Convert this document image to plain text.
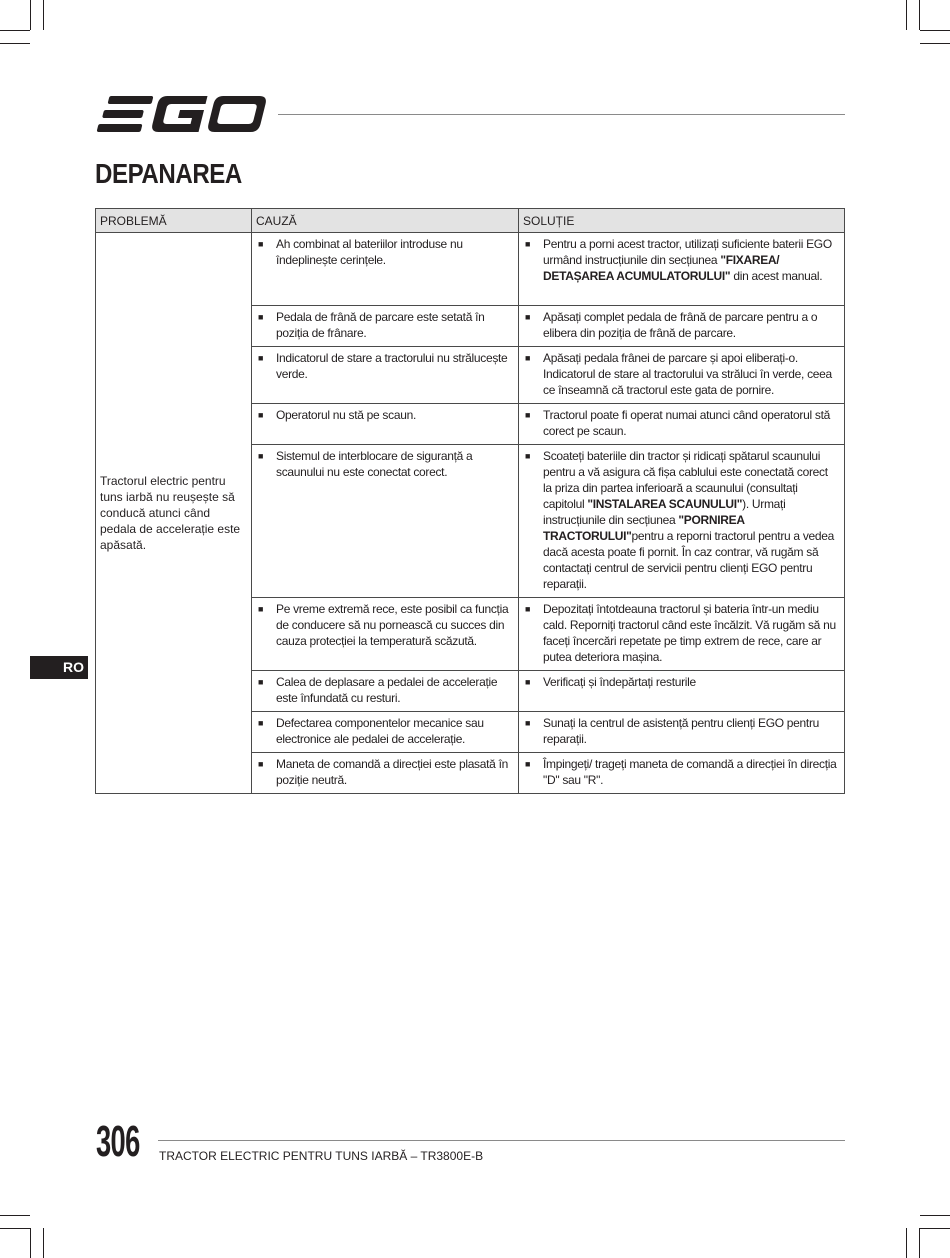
DEPANAREA
RO
PROBLEMĂ	CAUZĂ	SOLUȚIE
Tractorul electric pentru tuns iarbă nu reușește să conducă atunci când pedala de accelerație este apăsată.	■ Ah combinat al bateriilor introduse nu îndeplinește cerințele.	■ Pentru a porni acest tractor, utilizați suficiente baterii EGO urmând instrucțiunile din secțiunea "FIXAREA/ DETAȘAREA ACUMULATORULUI" din acest manual.

	■ Pedala de frână de parcare este setată în poziția de frânare.	■ Apăsați complet pedala de frână de parcare pentru a o elibera din poziția de frână de parcare.

	■ Indicatorul de stare a tractorului nu strălucește verde.	■ Apăsați pedala frânei de parcare și apoi eliberați-o. Indicatorul de stare al tractorului va străluci în verde, ceea ce înseamnă că tractorul este gata de pornire.

	■ Operatorul nu stă pe scaun.	■ Tractorul poate fi operat numai atunci când operatorul stă corect pe scaun.

	■ Sistemul de interblocare de siguranță a scaunului nu este conectat corect.	■ Scoateți bateriile din tractor și ridicați spătarul scaunului pentru a vă asigura că fișa cablului este conectată corect la priza din partea inferioară a scaunului (consultați capitolul "INSTALAREA SCAUNULUI"). Urmați instrucțiunile din secțiunea "PORNIREA TRACTORULUI"pentru a reporni tractorul pentru a vedea dacă acesta poate fi pornit. În caz contrar, vă rugăm să contactați centrul de servicii pentru clienți EGO pentru reparații.

	■ Pe vreme extremă rece, este posibil ca funcția de conducere să nu pornească cu succes din cauza protecției la temperatură scăzută.	■ Depozitați întotdeauna tractorul și bateria într-un mediu cald. Reporniți tractorul când este încălzit. Vă rugăm să nu faceți încercări repetate pe timp extrem de rece, care ar putea deteriora mașina.

	■ Calea de deplasare a pedalei de accelerație este înfundată cu resturi.	■ Verificați și îndepărtați resturile

	■ Defectarea componentelor mecanice sau electronice ale pedalei de accelerație.	■ Sunați la centrul de asistență pentru clienți EGO pentru reparații.

	■ Maneta de comandă a direcției este plasată în poziție neutră.	■ Împingeți/ trageți maneta de comandă a direcției în direcția "D" sau "R".
306 TRACTOR ELECTRIC PENTRU TUNS IARBĂ – TR3800E-B
